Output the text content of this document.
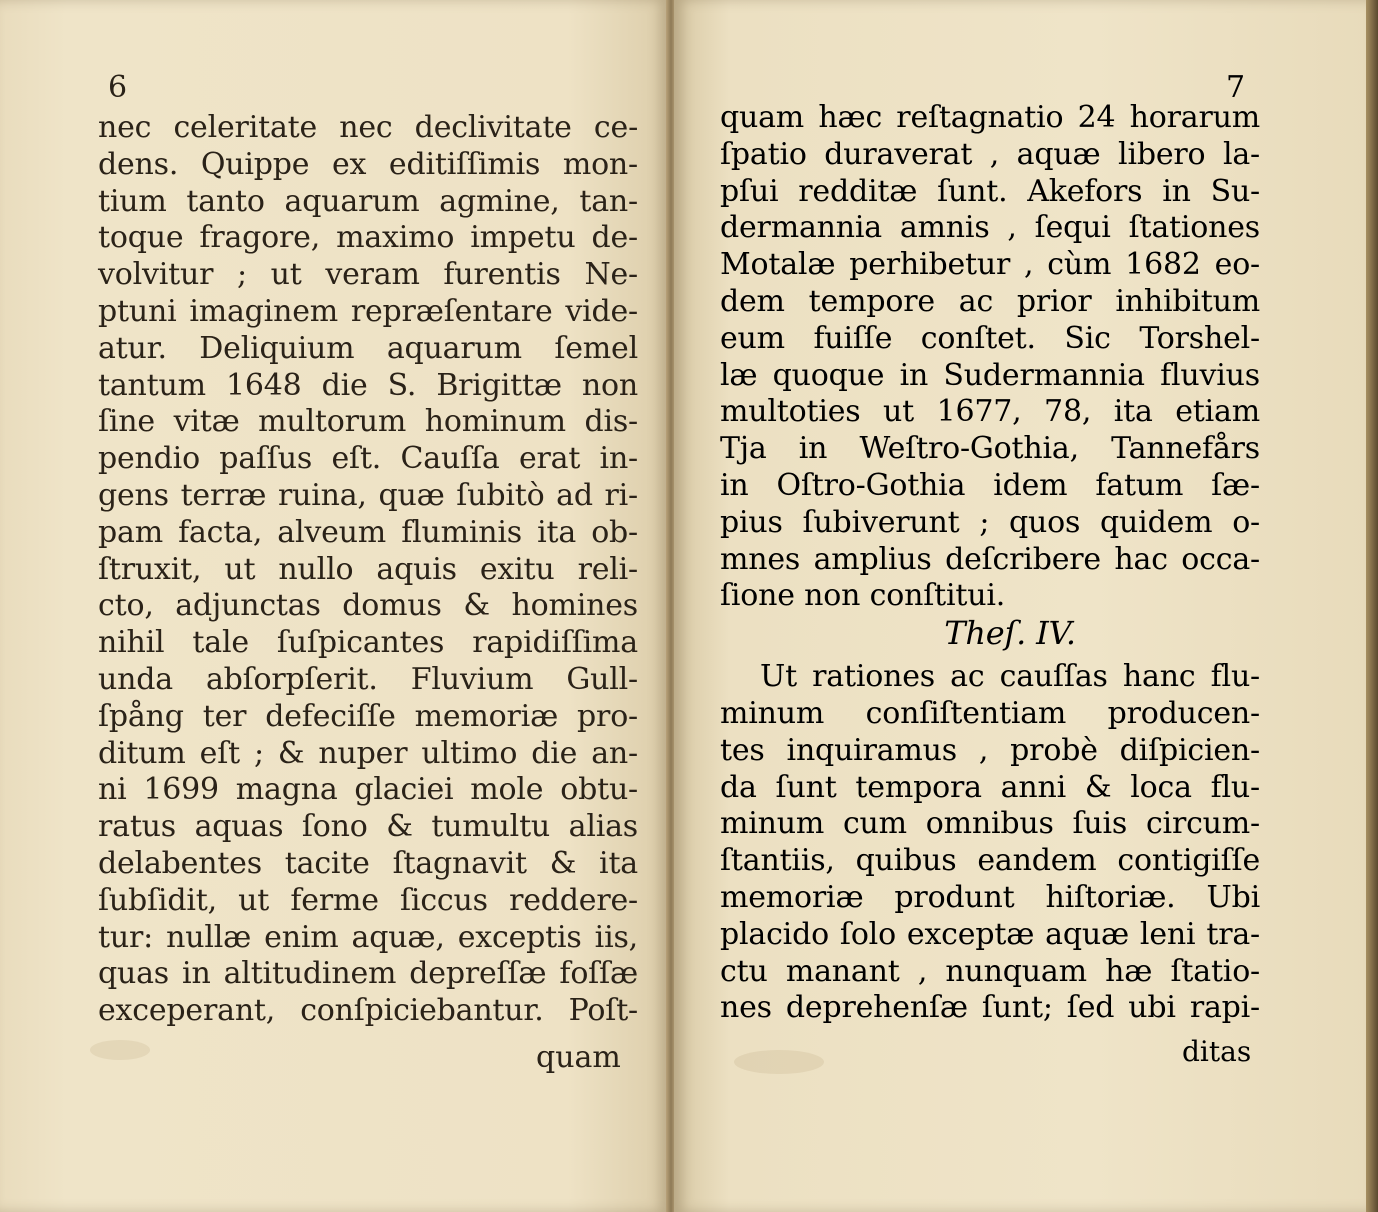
6
nec celeritate nec declivitate ce-
dens. Quippe ex editiſſimis mon-
tium tanto aquarum agmine, tan-
toque fragore, maximo impetu de-
volvitur ; ut veram furentis Ne-
ptuni imaginem repræſentare vide-
atur. Deliquium aquarum ſemel
tantum 1648 die S. Brigittæ non
ſine vitæ multorum hominum dis-
pendio paſſus eſt. Cauſſa erat in-
gens terræ ruina, quæ ſubitò ad ri-
pam facta, alveum fluminis ita ob-
ſtruxit, ut nullo aquis exitu reli-
cto, adjunctas domus & homines
nihil tale ſuſpicantes rapidiſſima
unda abſorpſerit. Fluvium Gull-
ſpång ter defeciſſe memoriæ pro-
ditum eſt ; & nuper ultimo die an-
ni 1699 magna glaciei mole obtu-
ratus aquas ſono & tumultu alias
delabentes tacite ſtagnavit & ita
ſubſidit, ut ferme ſiccus reddere-
tur: nullæ enim aquæ, exceptis iis,
quas in altitudinem depreſſæ foſſæ
exceperant, conſpiciebantur. Poſt-
quam
7
quam hæc reſtagnatio 24 horarum
ſpatio duraverat , aquæ libero la-
pſui redditæ ſunt. Akefors in Su-
dermannia amnis , ſequi ſtationes
Motalæ perhibetur , cùm 1682 eo-
dem tempore ac prior inhibitum
eum fuiſſe conſtet. Sic Torshel-
læ quoque in Sudermannia fluvius
multoties ut 1677, 78, ita etiam
Tja in Weſtro-Gothia, Tannefårs
in Oſtro-Gothia idem fatum ſæ-
pius ſubiverunt ; quos quidem o-
mnes amplius deſcribere hac occa-
ſione non conſtitui.
Theſ. IV.
Ut rationes ac cauſſas hanc flu-
minum conſiſtentiam producen-
tes inquiramus , probè diſpicien-
da ſunt tempora anni & loca flu-
minum cum omnibus ſuis circum-
ſtantiis, quibus eandem contigiſſe
memoriæ produnt hiſtoriæ. Ubi
placido ſolo exceptæ aquæ leni tra-
ctu manant , nunquam hæ ſtatio-
nes deprehenſæ ſunt; ſed ubi rapi-
ditas
